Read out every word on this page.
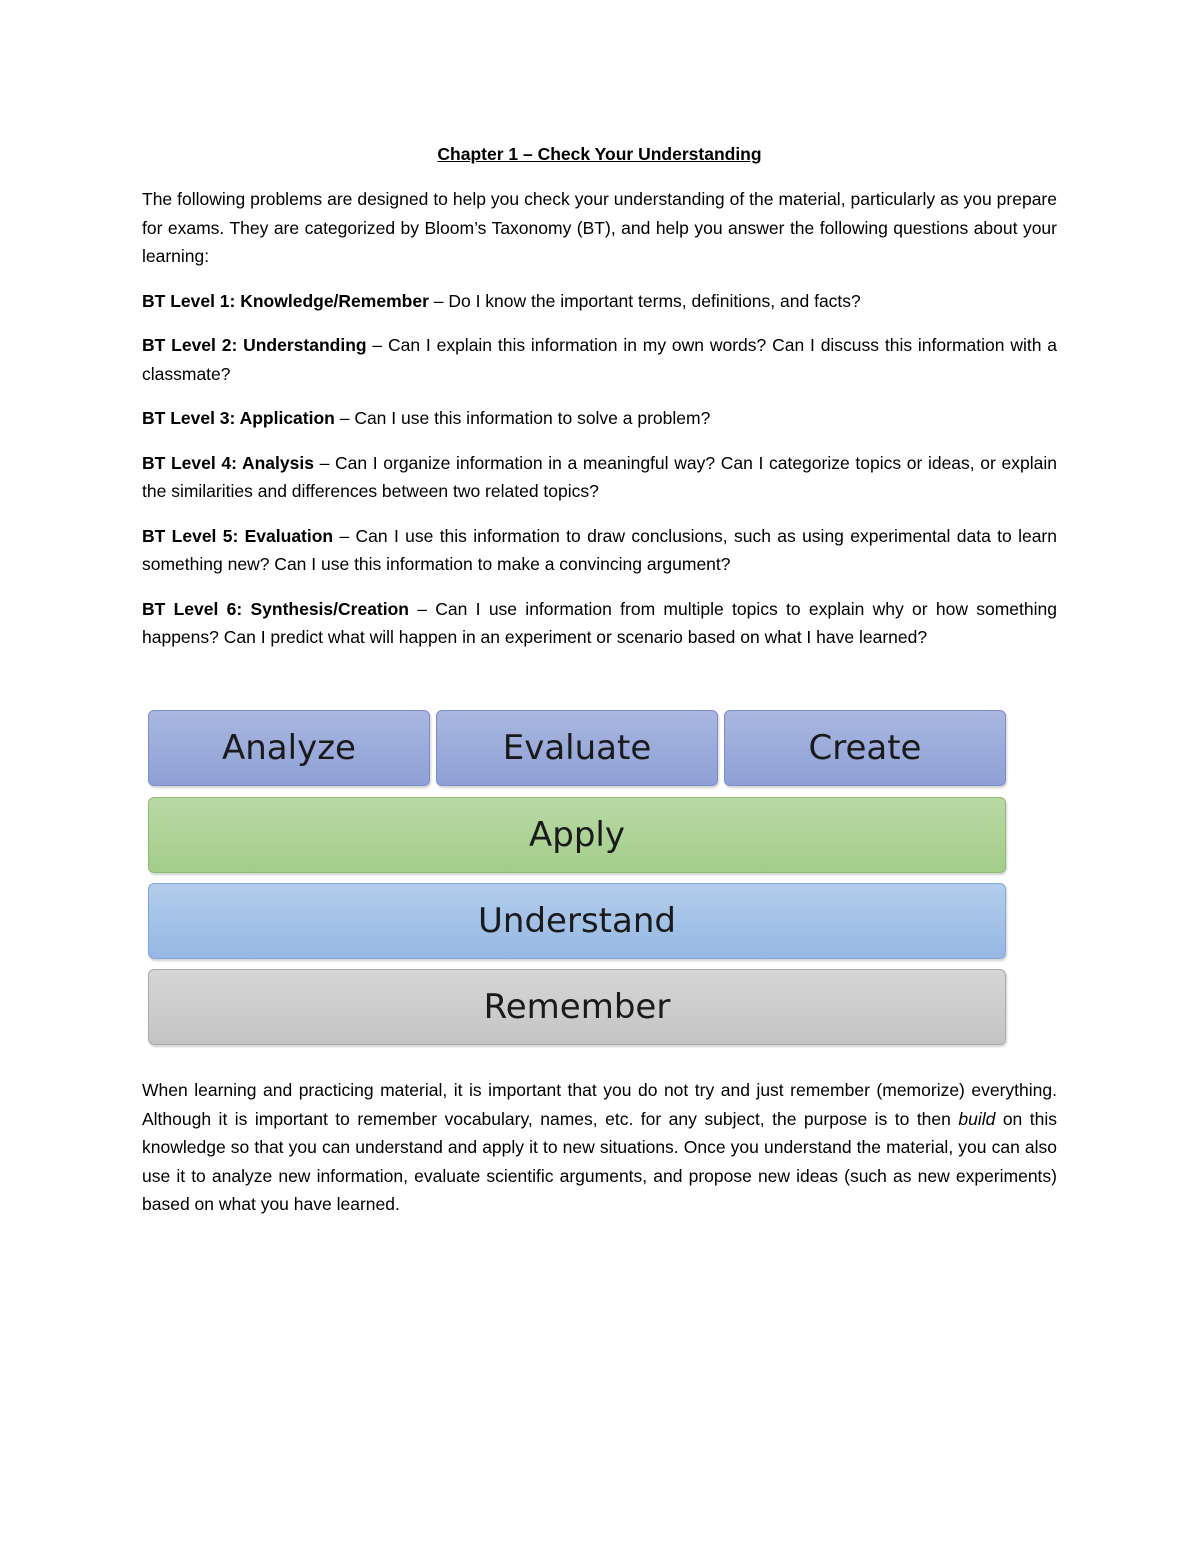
Chapter 1 – Check Your Understanding

The following problems are designed to help you check your understanding of the material, particularly as you prepare for exams. They are categorized by Bloom’s Taxonomy (BT), and help you answer the following questions about your learning:

BT Level 1: Knowledge/Remember – Do I know the important terms, definitions, and facts?

BT Level 2: Understanding – Can I explain this information in my own words? Can I discuss this information with a classmate?

BT Level 3: Application – Can I use this information to solve a problem?

BT Level 4: Analysis – Can I organize information in a meaningful way? Can I categorize topics or ideas, or explain the similarities and differences between two related topics?

BT Level 5: Evaluation – Can I use this information to draw conclusions, such as using experimental data to learn something new? Can I use this information to make a convincing argument?

BT Level 6: Synthesis/Creation – Can I use information from multiple topics to explain why or how something happens? Can I predict what will happen in an experiment or scenario based on what I have learned?

Analyze	Evaluate	Create
Apply
Understand
Remember

When learning and practicing material, it is important that you do not try and just remember (memorize) everything. Although it is important to remember vocabulary, names, etc. for any subject, the purpose is to then build on this knowledge so that you can understand and apply it to new situations. Once you understand the material, you can also use it to analyze new information, evaluate scientific arguments, and propose new ideas (such as new experiments) based on what you have learned.
